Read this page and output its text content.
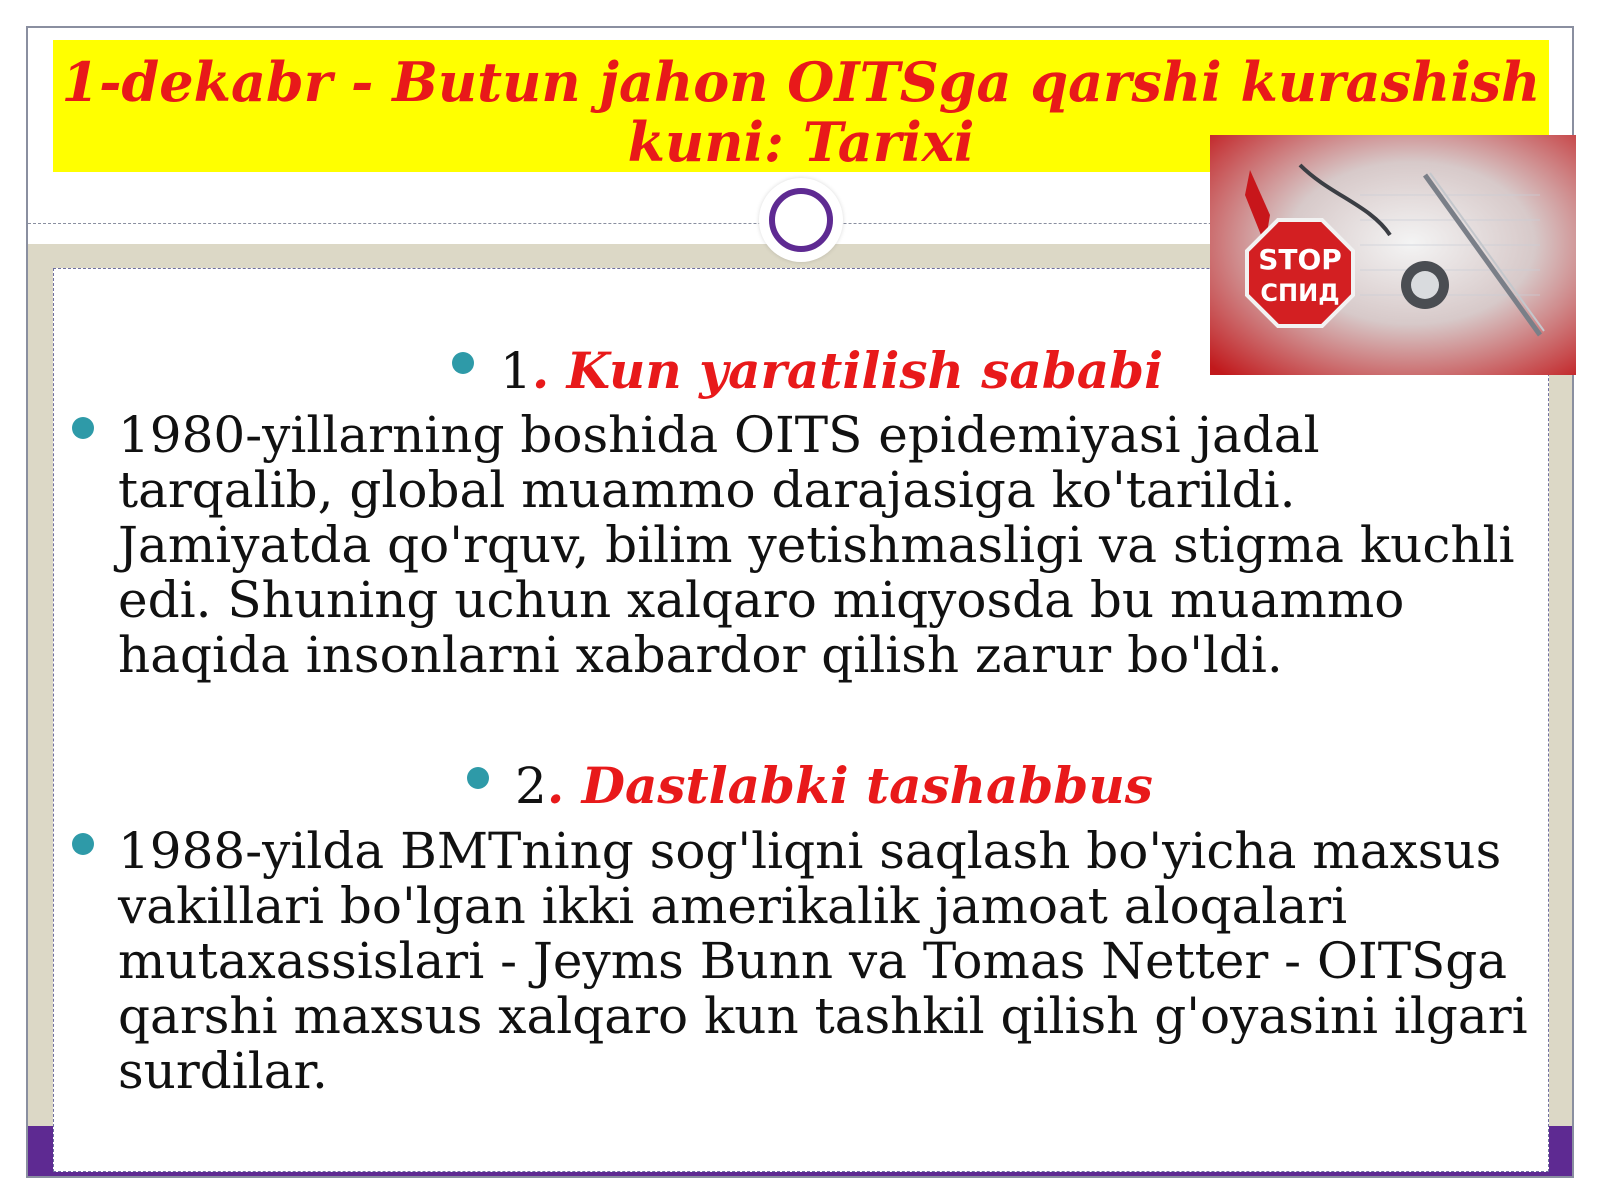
1-dekabr - Butun jahon OITSga qarshi kurashish kuni: Tarixi
STOP
СПИД
1. Kun yaratilish sababi
1980-yillarning boshida OITS epidemiyasi jadal tarqalib, global muammo darajasiga ko'tarildi. Jamiyatda qo'rquv, bilim yetishmasligi va stigma kuchli edi. Shuning uchun xalqaro miqyosda bu muammo haqida insonlarni xabardor qilish zarur bo'ldi.
2. Dastlabki tashabbus
1988-yilda BMTning sog'liqni saqlash bo'yicha maxsus vakillari bo'lgan ikki amerikalik jamoat aloqalari mutaxassislari - Jeyms Bunn va Tomas Netter - OITSga qarshi maxsus xalqaro kun tashkil qilish g'oyasini ilgari surdilar.
